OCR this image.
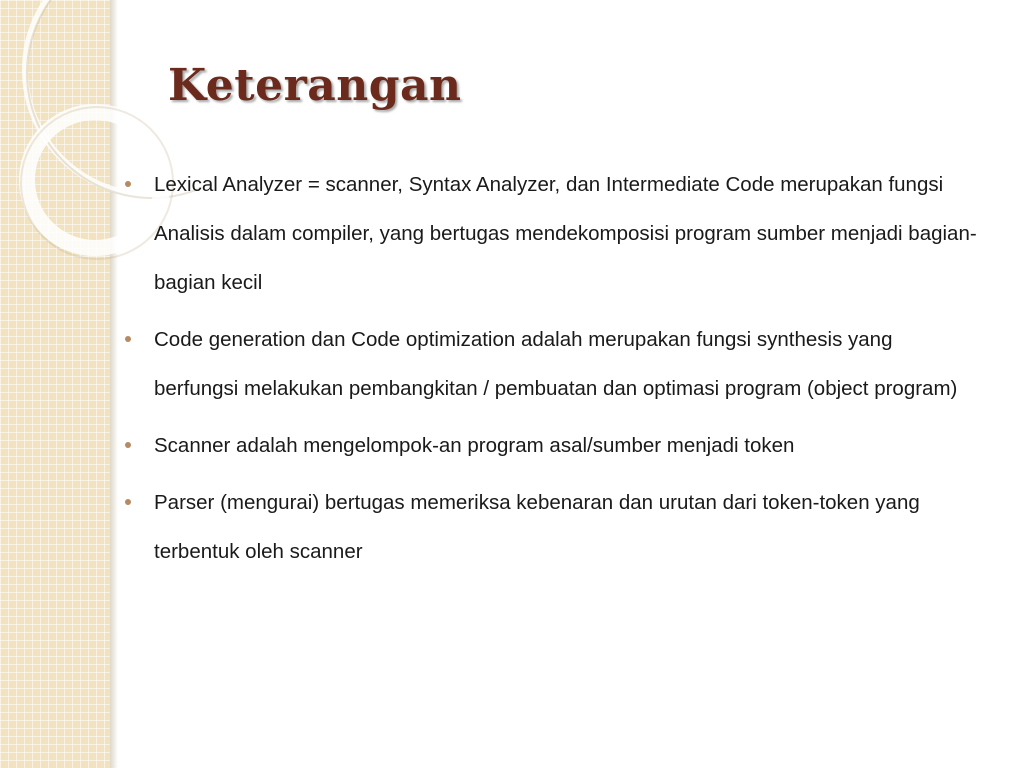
Keterangan
Lexical Analyzer = scanner, Syntax Analyzer, dan Intermediate Code merupakan fungsi Analisis dalam compiler, yang bertugas mendekomposisi program sumber menjadi bagian-bagian kecil
Code generation dan Code optimization adalah merupakan fungsi synthesis yang berfungsi melakukan pembangkitan / pembuatan dan optimasi program (object program)
Scanner adalah mengelompok-an program asal/sumber menjadi token
Parser (mengurai) bertugas memeriksa kebenaran dan urutan dari token-token yang terbentuk oleh scanner
